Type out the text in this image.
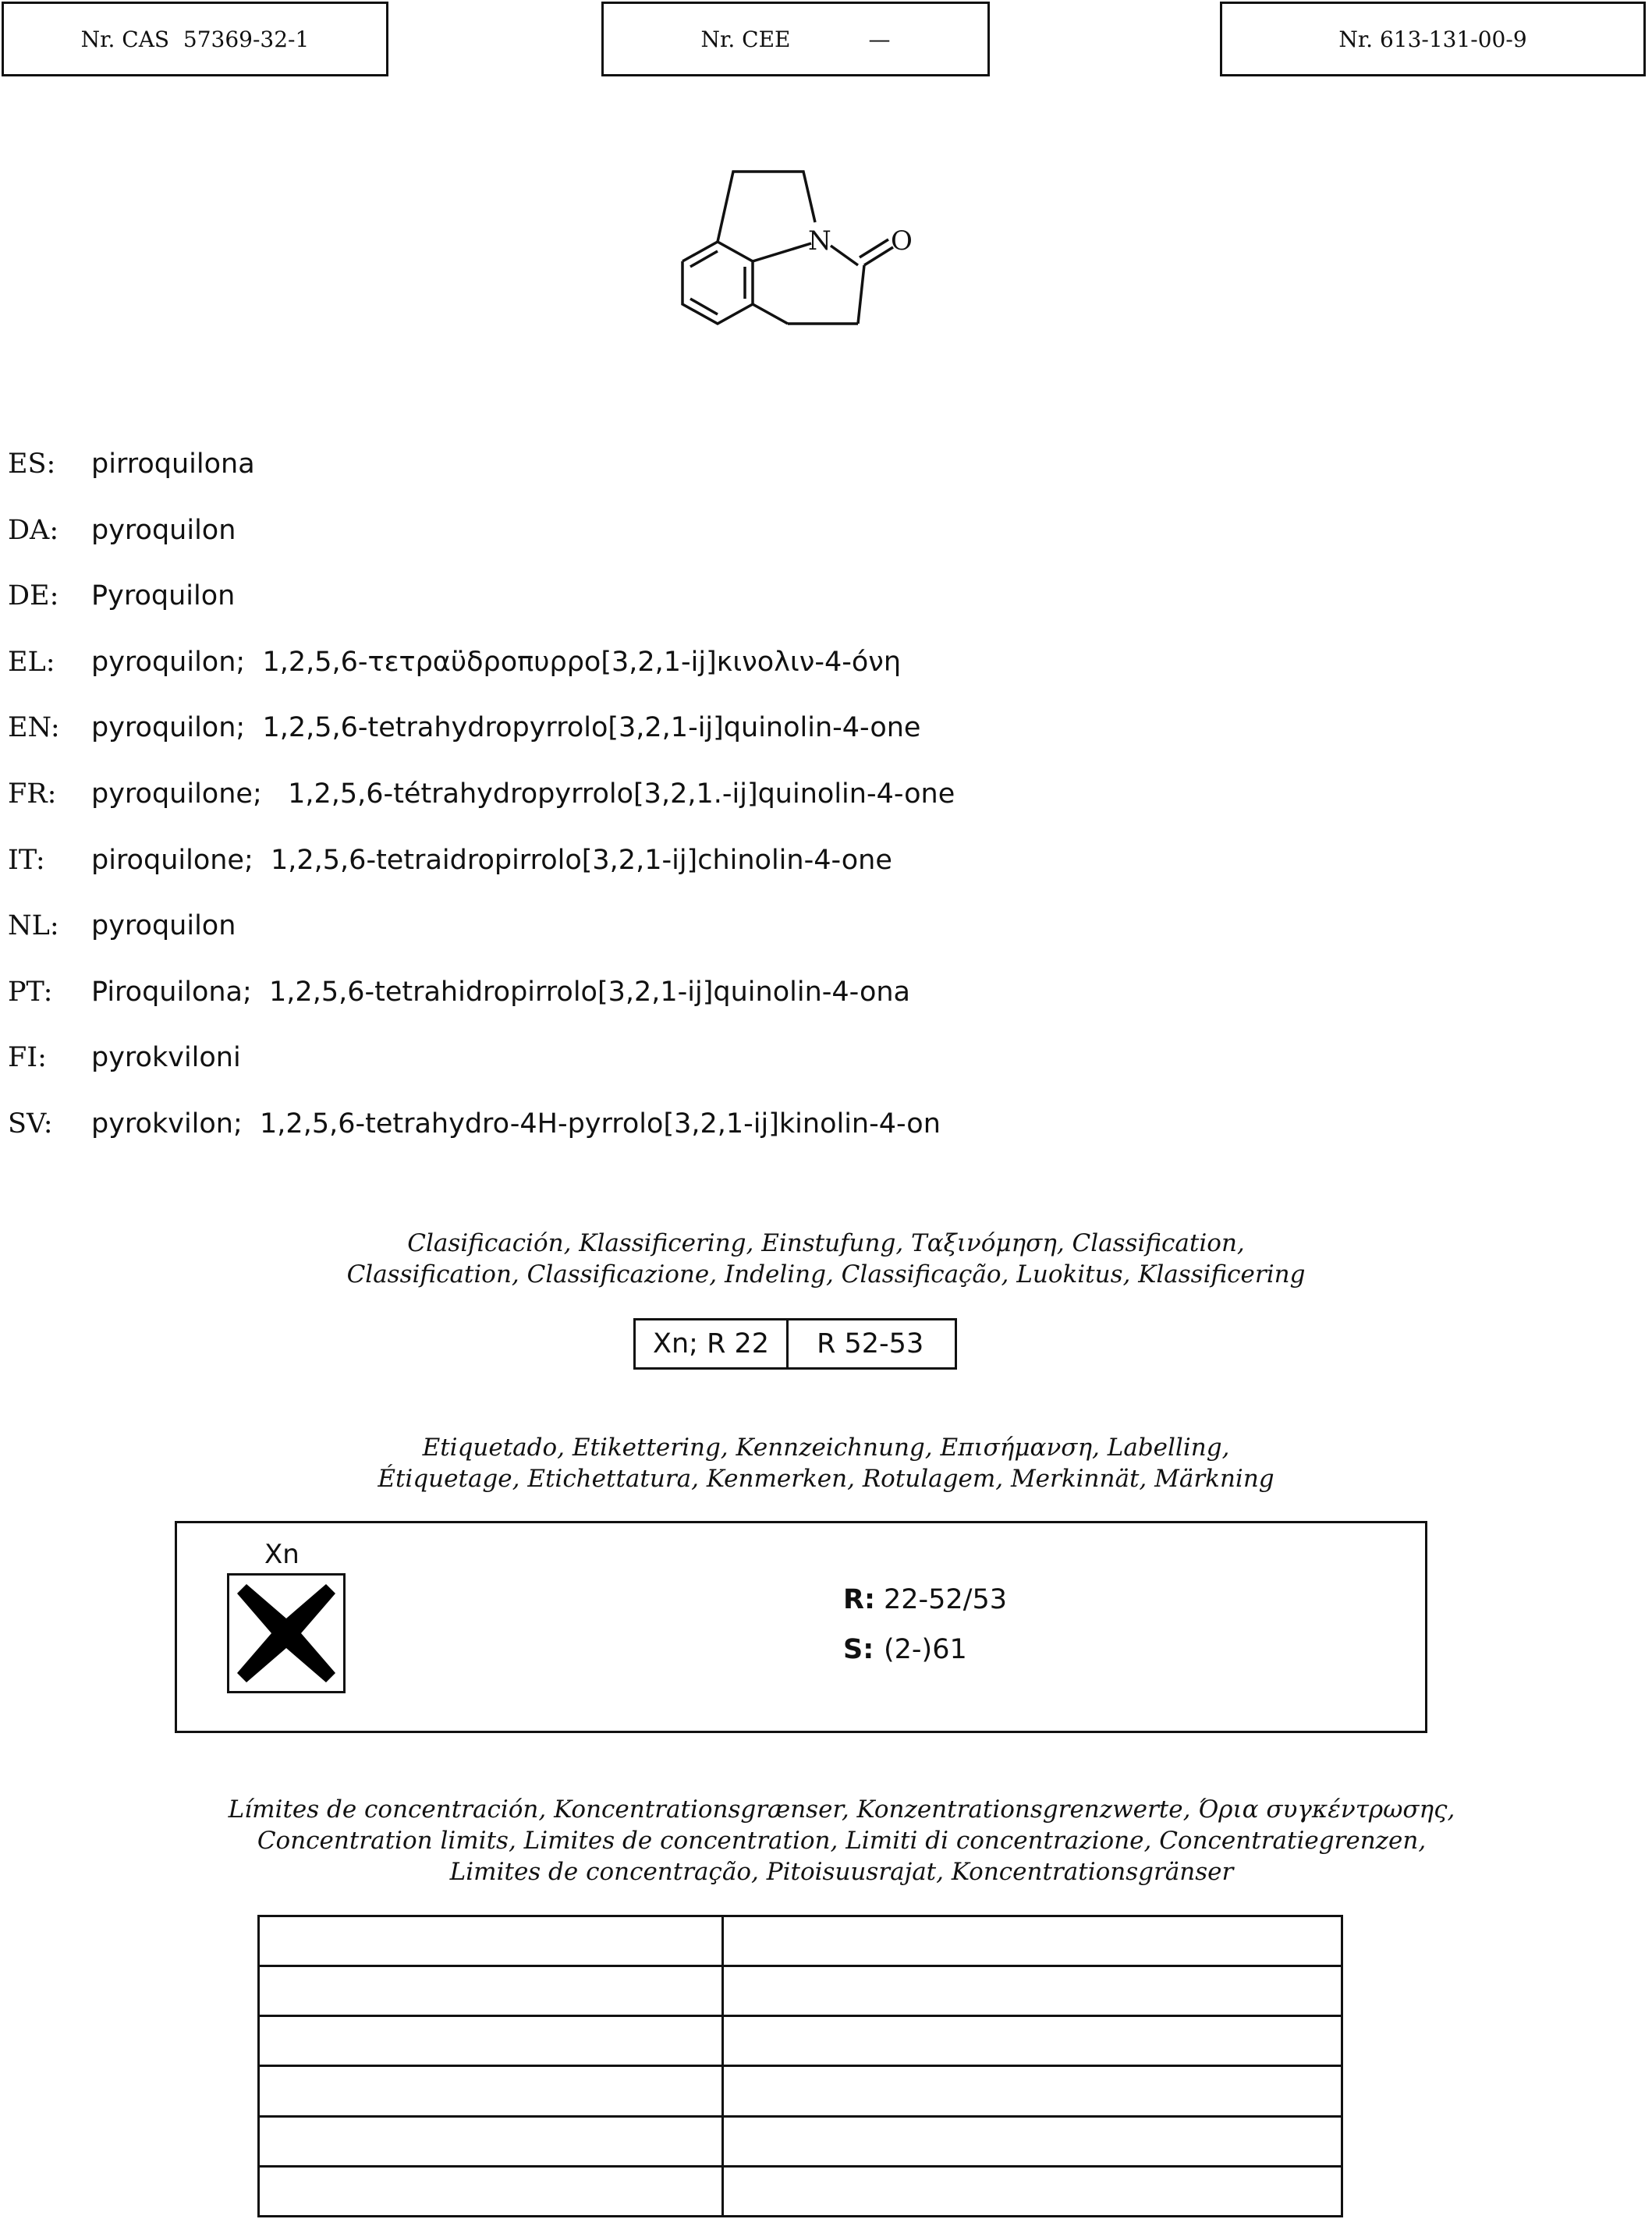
Nr. CAS  57369-32-1	Nr. CEE	—	Nr. 613-131-00-9
N O
ES:	pirroquilona
DA:	pyroquilon
DE:	Pyroquilon
EL:	pyroquilon;  1,2,5,6-τετραϋδροπυρρο[3,2,1-ij]κινολιν-4-όνη
EN:	pyroquilon;  1,2,5,6-tetrahydropyrrolo[3,2,1-ij]quinolin-4-one
FR:	pyroquilone;   1,2,5,6-tétrahydropyrrolo[3,2,1.-ij]quinolin-4-one
IT:	piroquilone;  1,2,5,6-tetraidropirrolo[3,2,1-ij]chinolin-4-one
NL:	pyroquilon
PT:	Piroquilona;  1,2,5,6-tetrahidropirrolo[3,2,1-ij]quinolin-4-ona
FI:	pyrokviloni
SV:	pyrokvilon;  1,2,5,6-tetrahydro-4H-pyrrolo[3,2,1-ij]kinolin-4-on
Clasificación, Klassificering, Einstufung, Ταξινόμηση, Classification,
Classification, Classificazione, Indeling, Classificação, Luokitus, Klassificering
Xn; R 22	R 52-53
Etiquetado, Etikettering, Kennzeichnung, Επισήμανση, Labelling,
Étiquetage, Etichettatura, Kenmerken, Rotulagem, Merkinnät, Märkning
Xn
R: 22-52/53
S: (2-)61
Límites de concentración, Koncentrationsgrænser, Konzentrationsgrenzwerte, Όρια συγκέντρωσης,
Concentration limits, Limites de concentration, Limiti di concentrazione, Concentratiegrenzen,
Limites de concentração, Pitoisuusrajat, Koncentrationsgränser
